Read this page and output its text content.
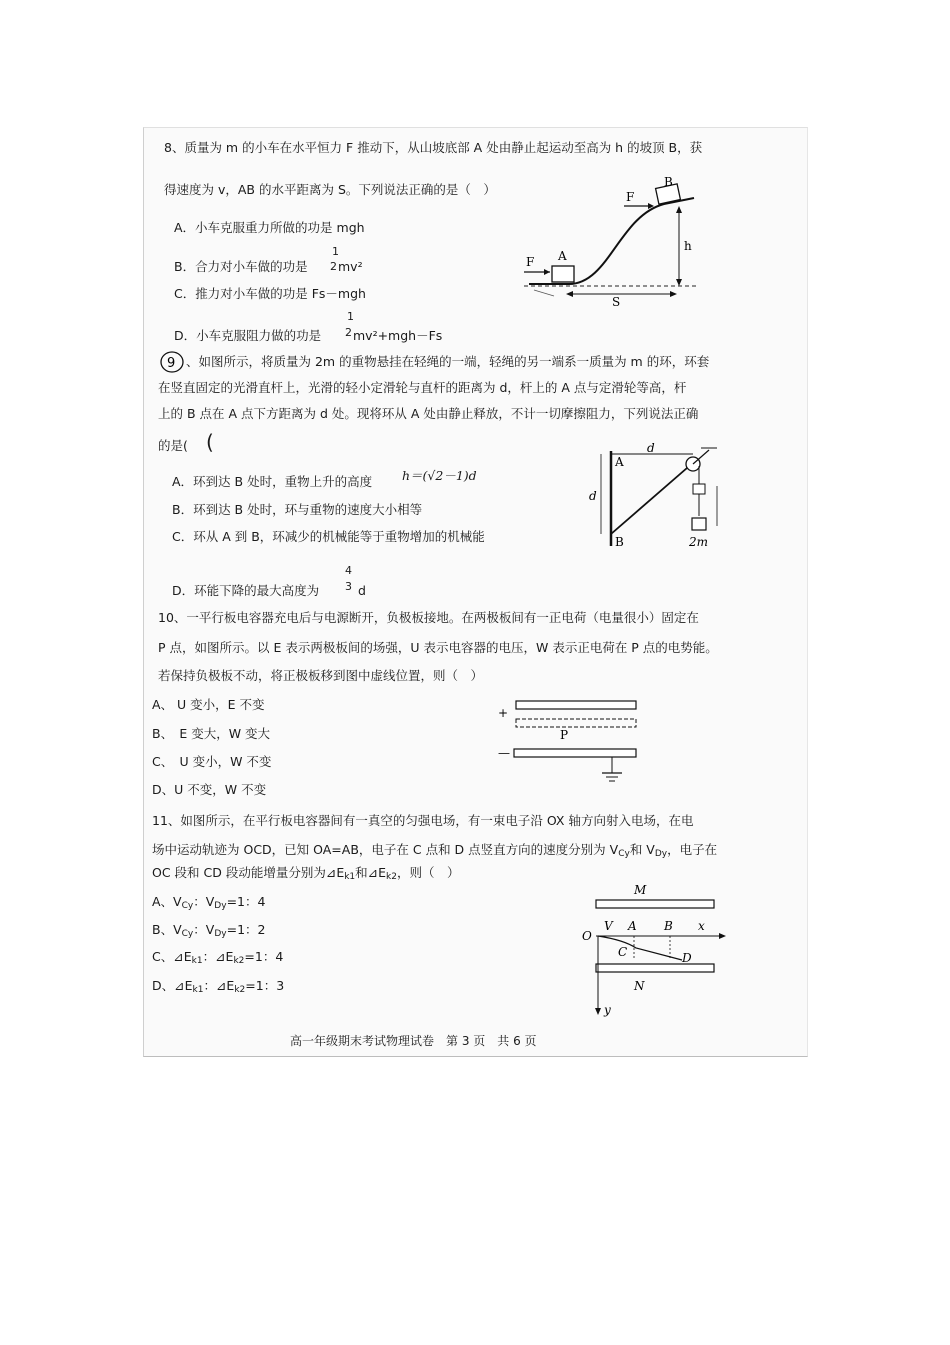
8、质量为 m 的小车在水平恒力 F 推动下，从山坡底部 A 处由静止起运动至高为 h 的坡顶 B，获
得速度为 v，AB 的水平距离为 S。下列说法正确的是（　）
A．小车克服重力所做的功是 mgh
B．合力对小车做的功是
1
2 mv²
C．推力对小车做的功是 Fs－mgh
D．小车克服阻力做的功是
1
2 mv²+mgh－Fs
F
F
A
B
h
S
9 、如图所示，将质量为 2m 的重物悬挂在轻绳的一端，轻绳的另一端系一质量为 m 的环，环套
在竖直固定的光滑直杆上，光滑的轻小定滑轮与直杆的距离为 d，杆上的 A 点与定滑轮等高，杆
上的 B 点在 A 点下方距离为 d 处。现将环从 A 处由静止释放，不计一切摩擦阻力，下列说法正确
的是( (
A．环到达 B 处时，重物上升的高度 h＝(√2－1)d
B．环到达 B 处时，环与重物的速度大小相等
C．环从 A 到 B，环减少的机械能等于重物增加的机械能
D．环能下降的最大高度为
4
3 d
d
A
d
B	2m
10、一平行板电容器充电后与电源断开，负极板接地。在两极板间有一正电荷（电量很小）固定在
P 点，如图所示。以 E 表示两极板间的场强，U 表示电容器的电压，W 表示正电荷在 P 点的电势能。
若保持负极板不动，将正极板移到图中虚线位置，则（　）
A、 U 变小，E 不变
B、　E 变大，W 变大
C、　U 变小，W 不变
D、U 不变，W 不变
+
—
P
11、如图所示，在平行板电容器间有一真空的匀强电场，有一束电子沿 OX 轴方向射入电场，在电
场中运动轨迹为 OCD，已知 OA=AB，电子在 C 点和 D 点竖直方向的速度分别为 $V_{Cy}$和 $V_{Dy}$，电子在
OC 段和 CD 段动能增量分别为$⊿E_{k1}$和$⊿E_{k2}$，则（　）
A、$V_{Cy}$：$V_{Dy}=1$：4
B、$V_{Cy}$：$V_{Dy}=1$：2
C、$⊿E_{k1}$：$⊿E_{k2}=1$：4
D、$⊿E_{k1}$：$⊿E_{k2}=1$：3
M
V A B x
O
C	D
N
y
高一年级期末考试物理试卷　第 3 页　共 6 页
